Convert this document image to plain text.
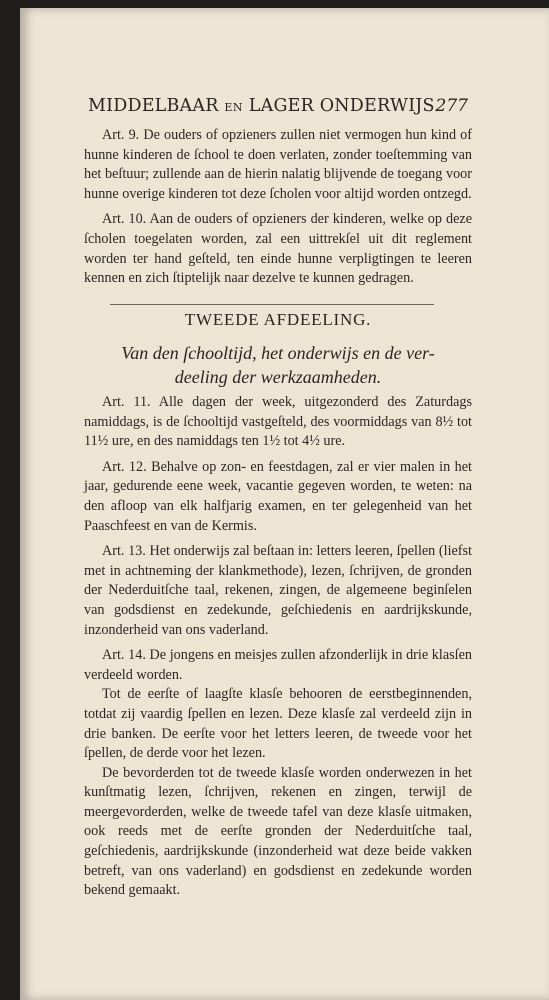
MIDDELBAAR EN LAGER ONDERWIJS.
277

Art. 9. De ouders of opzieners zullen niet vermogen hun kind of hunne kinderen de ſchool te doen verlaten, zonder toeſtemming van het beſtuur; zullende aan de hierin nalatig blijvende de toegang voor hunne overige kinderen tot deze ſcholen voor altijd worden ontzegd.

Art. 10. Aan de ouders of opzieners der kinderen, welke op deze ſcholen toegelaten worden, zal een uittrekſel uit dit reglement worden ter hand geſteld, ten einde hunne verpligtingen te leeren kennen en zich ſtiptelijk naar dezelve te kunnen gedragen.

TWEEDE AFDEELING.
Van den ſchooltijd, het onderwijs en de ver-
deeling der werkzaamheden.

Art. 11. Alle dagen der week, uitgezonderd des Zaturdags namiddags, is de ſchooltijd vastgeſteld, des voormiddags van 8½ tot 11½ ure, en des namiddags ten 1½ tot 4½ ure.

Art. 12. Behalve op zon- en feestdagen, zal er vier malen in het jaar, gedurende eene week, vacantie gegeven worden, te weten: na den afloop van elk halfjarig examen, en ter gelegenheid van het Paaschfeest en van de Kermis.

Art. 13. Het onderwijs zal beſtaan in: letters leeren, ſpellen (liefst met in achtneming der klankmethode), lezen, ſchrijven, de gronden der Nederduitſche taal, rekenen, zingen, de algemeene beginſelen van godsdienst en zedekunde, geſchiedenis en aardrijkskunde, inzonderheid van ons vaderland.

Art. 14. De jongens en meisjes zullen afzonderlijk in drie klasſen verdeeld worden.

Tot de eerſte of laagſte klasſe behooren de eerstbeginnenden, totdat zij vaardig ſpellen en lezen. Deze klasſe zal verdeeld zijn in drie banken. De eerſte voor het letters leeren, de tweede voor het ſpellen, de derde voor het lezen.

De bevorderden tot de tweede klasſe worden onderwezen in het kunſtmatig lezen, ſchrijven, rekenen en zingen, terwijl de meergevorderden, welke de tweede tafel van deze klasſe uitmaken, ook reeds met de eerſte gronden der Nederduitſche taal, geſchiedenis, aardrijkskunde (inzonderheid wat deze beide vakken betreft, van ons vaderland) en godsdienst en zedekunde worden bekend gemaakt.
